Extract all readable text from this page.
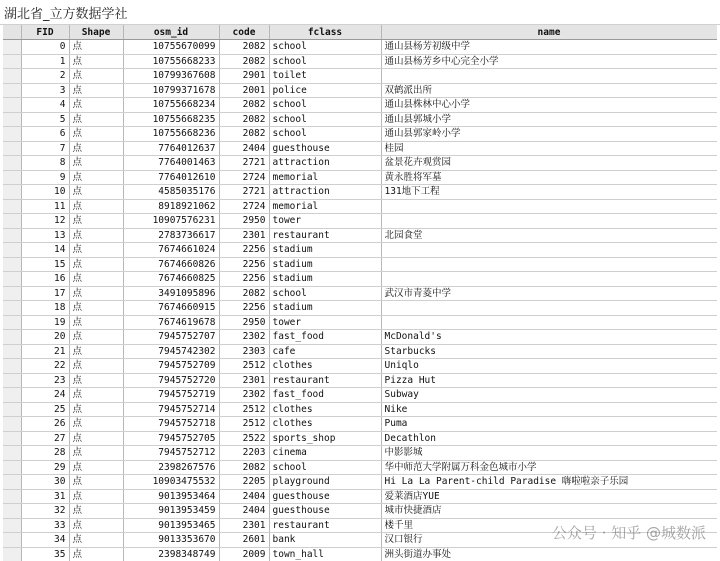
湖北省_立方数据学社
	FID	Shape	osm_id	code	fclass	name
	0	点	10755670099	2082	school	通山县杨芳初级中学
	1	点	10755668233	2082	school	通山县杨芳乡中心完全小学
	2	点	10799367608	2901	toilet	
	3	点	10799371678	2001	police	双鹤派出所
	4	点	10755668234	2082	school	通山县株林中心小学
	5	点	10755668235	2082	school	通山县郭城小学
	6	点	10755668236	2082	school	通山县郭家岭小学
	7	点	7764012637	2404	guesthouse	桂园
	8	点	7764001463	2721	attraction	盆景花卉观赏园
	9	点	7764012610	2724	memorial	黄永胜将军墓
	10	点	4585035176	2721	attraction	131地下工程
	11	点	8918921062	2724	memorial	
	12	点	10907576231	2950	tower	
	13	点	2783736617	2301	restaurant	北园食堂
	14	点	7674661024	2256	stadium	
	15	点	7674660826	2256	stadium	
	16	点	7674660825	2256	stadium	
	17	点	3491095896	2082	school	武汉市青菱中学
	18	点	7674660915	2256	stadium	
	19	点	7674619678	2950	tower	
	20	点	7945752707	2302	fast_food	McDonald's
	21	点	7945742302	2303	cafe	Starbucks
	22	点	7945752709	2512	clothes	Uniqlo
	23	点	7945752720	2301	restaurant	Pizza Hut
	24	点	7945752719	2302	fast_food	Subway
	25	点	7945752714	2512	clothes	Nike
	26	点	7945752718	2512	clothes	Puma
	27	点	7945752705	2522	sports_shop	Decathlon
	28	点	7945752712	2203	cinema	中影影城
	29	点	2398267576	2082	school	华中师范大学附属万科金色城市小学
	30	点	10903475532	2205	playground	Hi La La Parent-child Paradise 嗨啦啦亲子乐园
	31	点	9013953464	2404	guesthouse	爱莱酒店YUE
	32	点	9013953459	2404	guesthouse	城市快捷酒店
	33	点	9013953465	2301	restaurant	楼千里
	34	点	9013353670	2601	bank	汉口银行
	35	点	2398348749	2009	town_hall	洲头街道办事处
公众号 · 知乎 @城数派
